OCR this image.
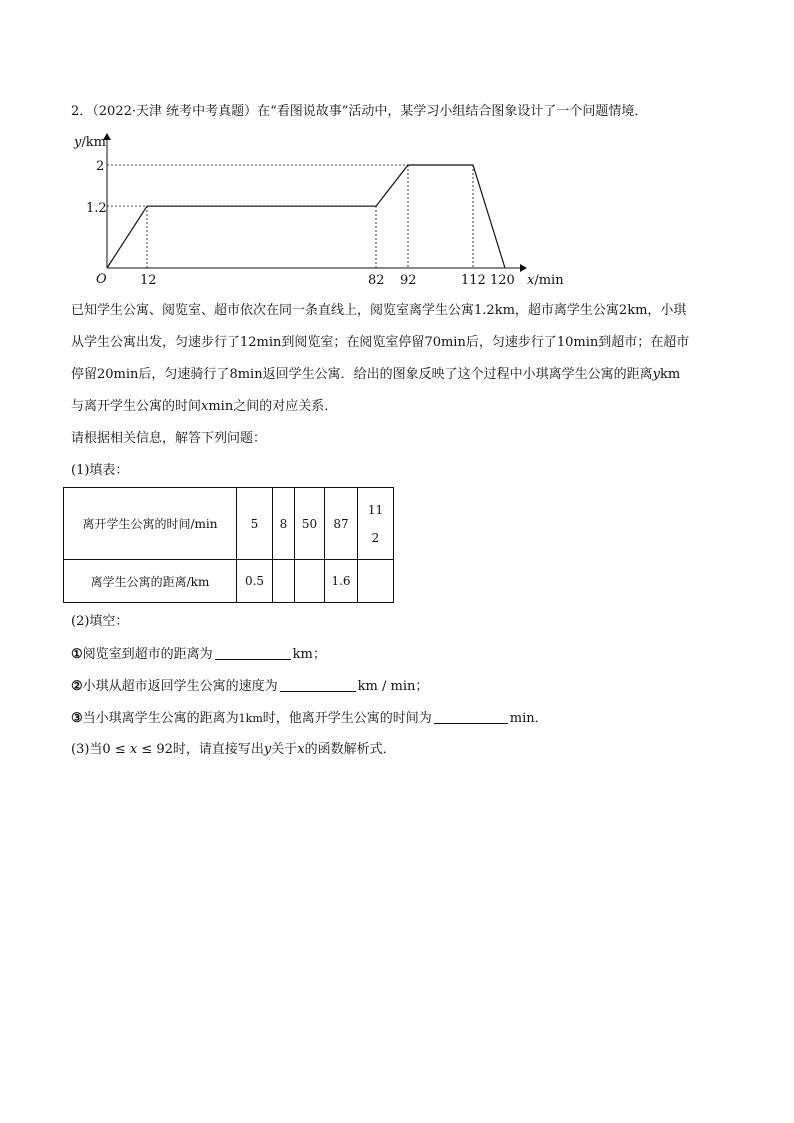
2．（2022·天津 统考中考真题）在“看图说故事”活动中，某学习小组结合图象设计了一个问题情境．
y/km
x/min
O
2
1.2
12	82 92	112 120
已知学生公寓、阅览室、超市依次在同一条直线上，阅览室离学生公寓1.2km，超市离学生公寓2km，小琪
从学生公寓出发，匀速步行了12min到阅览室；在阅览室停留70min后，匀速步行了10min到超市；在超市
停留20min后，匀速骑行了8min返回学生公寓．给出的图象反映了这个过程中小琪离学生公寓的距离ykm
与离开学生公寓的时间xmin之间的对应关系．
请根据相关信息，解答下列问题：
(1)填表：
离开学生公寓的时间/min	5	8	50	87	11
2
离学生公寓的距离/km	0.5			1.6	
(2)填空：
①阅览室到超市的距离为	km；
②小琪从超市返回学生公寓的速度为	km / min；
③当小琪离学生公寓的距离为1km时，他离开学生公寓的时间为	min．
(3)当0 ≤ x ≤ 92时，请直接写出y关于x的函数解析式．
